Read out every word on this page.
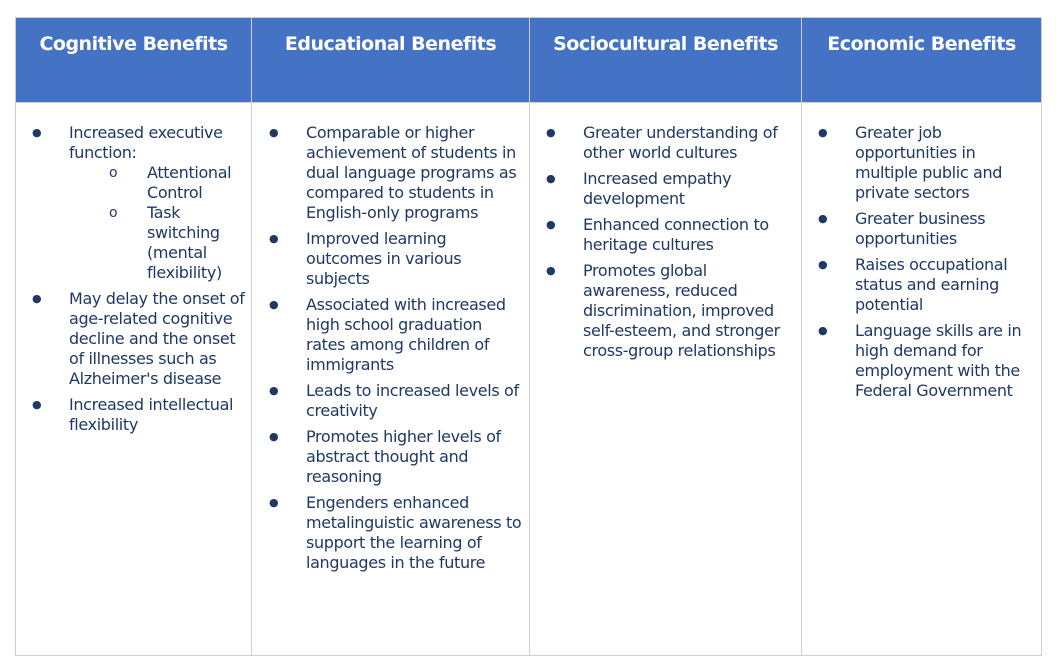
Cognitive Benefits
● Increased executive function:
o Attentional Control
o Task switching (mental flexibility)
● May delay the onset of age-related cognitive decline and the onset of illnesses such as Alzheimer's disease
● Increased intellectual flexibility
Educational Benefits
● Comparable or higher achievement of students in dual language programs as compared to students in English-only programs
● Improved learning outcomes in various subjects
● Associated with increased high school graduation rates among children of immigrants
● Leads to increased levels of creativity
● Promotes higher levels of abstract thought and reasoning
● Engenders enhanced metalinguistic awareness to support the learning of languages in the future
Sociocultural Benefits
● Greater understanding of other world cultures
● Increased empathy development
● Enhanced connection to heritage cultures
● Promotes global awareness, reduced discrimination, improved self-esteem, and stronger cross-group relationships
Economic Benefits
● Greater job opportunities in multiple public and private sectors
● Greater business opportunities
● Raises occupational status and earning potential
● Language skills are in high demand for employment with the Federal Government
